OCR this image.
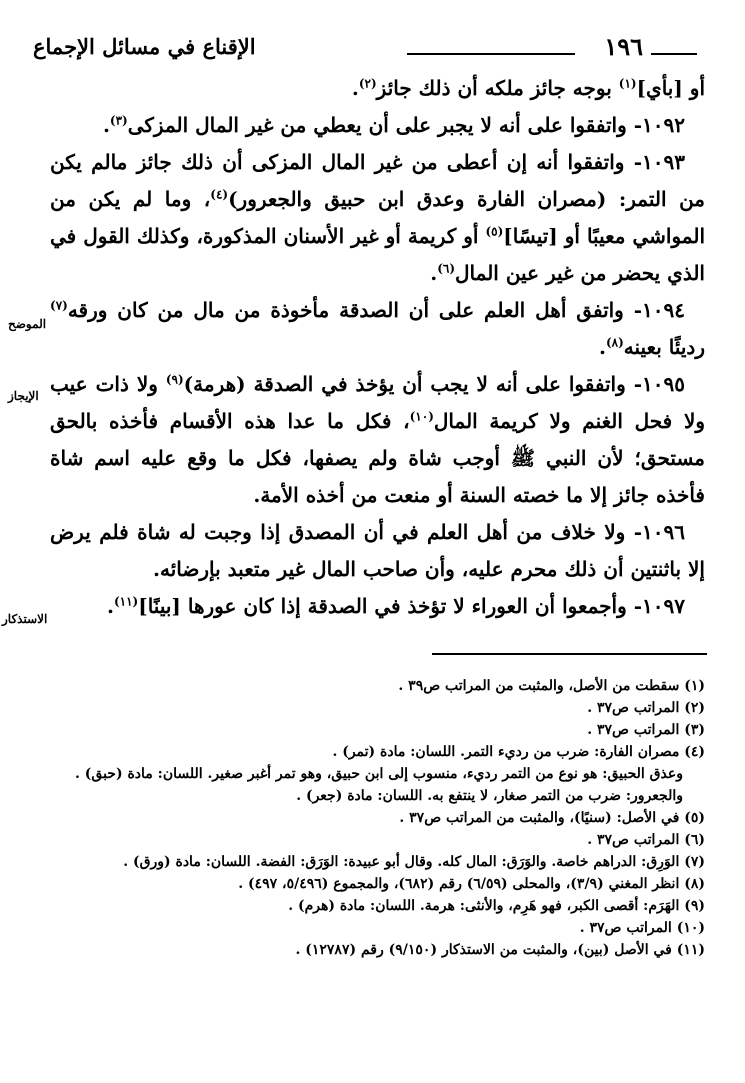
١٩٦
الإقناع في مسائل الإجماع
الموضح
الإيجاز
الاستذكار

أو [بأي]$^{(١)}$ بوجه جائز ملكه أن ذلك جائز$^{(٢)}$.

١٠٩٢- واتفقوا على أنه لا يجبر على أن يعطي من غير المال المزكى$^{(٣)}$.

١٠٩٣- واتفقوا أنه إن أعطى من غير المال المزكى أن ذلك جائز مالم يكن من التمر: (مصران الفارة وعدق ابن حبيق والجعرور)$^{(٤)}$، وما لم يكن من المواشي معيبًا أو [تيسًا]$^{(٥)}$ أو كريمة أو غير الأسنان المذكورة، وكذلك القول في الذي يحضر من غير عين المال$^{(٦)}$.

١٠٩٤- واتفق أهل العلم على أن الصدقة مأخوذة من مال من كان ورقه$^{(٧)}$ رديئًا بعينه$^{(٨)}$.

١٠٩٥- واتفقوا على أنه لا يجب أن يؤخذ في الصدقة (هرمة)$^{(٩)}$ ولا ذات عيب ولا فحل الغنم ولا كريمة المال$^{(١٠)}$، فكل ما عدا هذه الأقسام فأخذه بالحق مستحق؛ لأن النبي ﷺ أوجب شاة ولم يصفها، فكل ما وقع عليه اسم شاة فأخذه جائز إلا ما خصته السنة أو منعت من أخذه الأمة.

١٠٩٦- ولا خلاف من أهل العلم في أن المصدق إذا وجبت له شاة فلم يرض إلا باثنتين أن ذلك محرم عليه، وأن صاحب المال غير متعبد بإرضائه.

١٠٩٧- وأجمعوا أن العوراء لا تؤخذ في الصدقة إذا كان عورها [بينًا]$^{(١١)}$.

(١) سقطت من الأصل، والمثبت من المراتب ص٣٩ .

(٢) المراتب ص٣٧ .

(٣) المراتب ص٣٧ .

(٤) مصران الفارة: ضرب من رديء التمر. اللسان: مادة (تمر) .
وعذق الحبيق: هو نوع من التمر رديء، منسوب إلى ابن حبيق، وهو تمر أغبر صغير. اللسان: مادة (حبق) . والجعرور: ضرب من التمر صغار، لا ينتفع به. اللسان: مادة (جعر) .

(٥) في الأصل: (سنيًا)، والمثبت من المراتب ص٣٧ .

(٦) المراتب ص٣٧ .

(٧) الوَرِق: الدراهم خاصة. والوَرَق: المال كله. وقال أبو عبيدة: الوَرَق: الفضة. اللسان: مادة (ورق) .

(٨) انظر المغني (٣/٩)، والمحلى (٦/٥٩) رقم (٦٨٢)، والمجموع (٥/٤٩٦، ٤٩٧) .

(٩) الهَرَم: أقصى الكبر، فهو هَرِم، والأنثى: هرمة. اللسان: مادة (هرم) .

(١٠) المراتب ص٣٧ .

(١١) في الأصل (بين)، والمثبت من الاستذكار (٩/١٥٠) رقم (١٢٧٨٧) .
